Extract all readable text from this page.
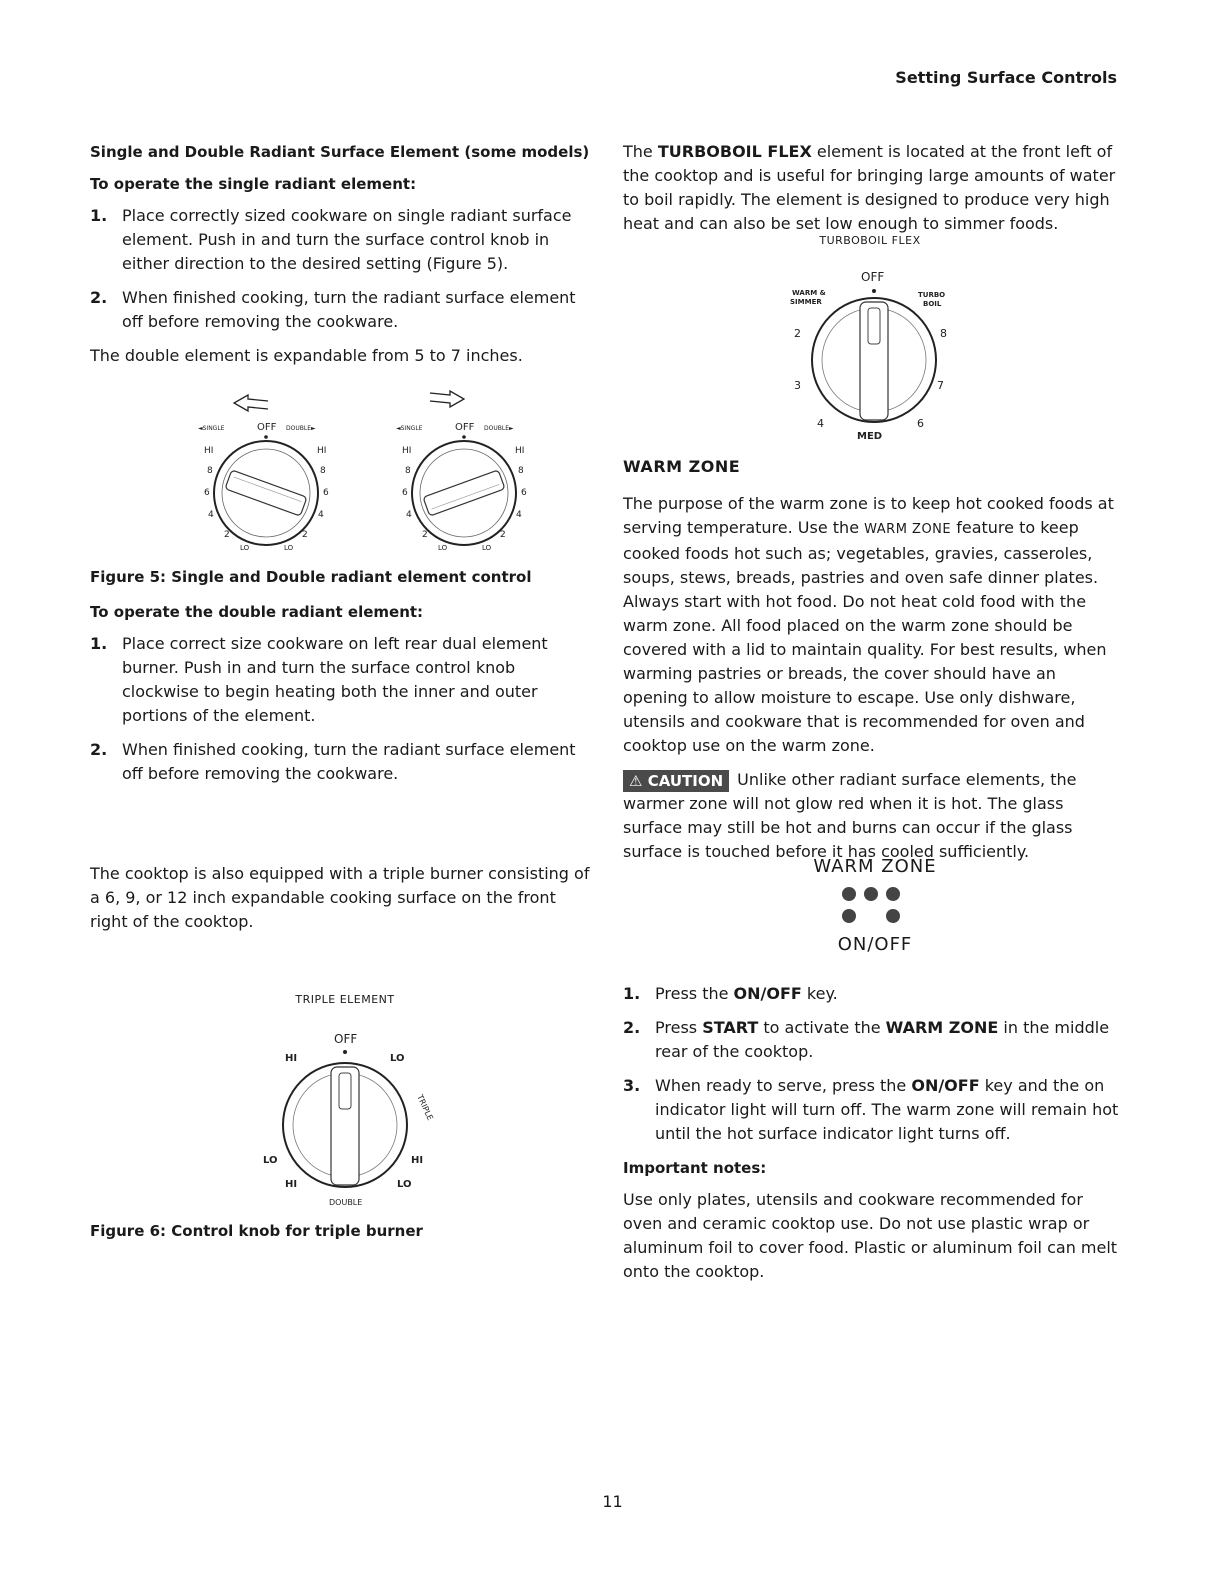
Setting Surface Controls
Single and Double Radiant Surface Element (some models)
To operate the single radiant element:
1. Place correctly sized cookware on single radiant surface element. Push in and turn the surface control knob in either direction to the desired setting (Figure 5).
2. When finished cooking, turn the radiant surface element off before removing the cookware.

The double element is expandable from 5 to 7 inches.

◄SINGLE	OFF DOUBLE►
HI	HI
8	8
6	6
4	4
2	2
LO	LO
◄SINGLE	OFF DOUBLE►
HI	HI
8	8
6	6
4	4
2	2
LO	LO
Figure 5: Single and Double radiant element control
To operate the double radiant element:
1. Place correct size cookware on left rear dual element burner. Push in and turn the surface control knob clockwise to begin heating both the inner and outer portions of the element.
2. When finished cooking, turn the radiant surface element off before removing the cookware.

The cooktop is also equipped with a triple burner consisting of a 6, 9, or 12 inch expandable cooking surface on the front right of the cooktop.

TRIPLE ELEMENT
OFF
HI	LO
TRIPLE
LO	HI
HI	LO
DOUBLE
Figure 6: Control knob for triple burner

The TURBOBOIL FLEX element is located at the front left of the cooktop and is useful for bringing large amounts of water to boil rapidly. The element is designed to produce very high heat and can also be set low enough to simmer foods.

TURBOBOIL FLEX
OFF
WARM &
SIMMER
TURBO
BOIL
2
3
4
MED
6
7
8
WARM ZONE

The purpose of the warm zone is to keep hot cooked foods at serving temperature. Use the WARM ZONE feature to keep cooked foods hot such as; vegetables, gravies, casseroles, soups, stews, breads, pastries and oven safe dinner plates.

Always start with hot food. Do not heat cold food with the warm zone. All food placed on the warm zone should be covered with a lid to maintain quality. For best results, when warming pastries or breads, the cover should have an opening to allow moisture to escape. Use only dishware, utensils and cookware that is recommended for oven and cooktop use on the warm zone.

⚠ CAUTION Unlike other radiant surface elements, the warmer zone will not glow red when it is hot. The glass surface may still be hot and burns can occur if the glass surface is touched before it has cooled sufficiently.

WARM ZONE
ON/OFF
1. Press the ON/OFF key.
2. Press START to activate the WARM ZONE in the middle rear of the cooktop.
3. When ready to serve, press the ON/OFF key and the on indicator light will turn off. The warm zone will remain hot until the hot surface indicator light turns off.
Important notes:

Use only plates, utensils and cookware recommended for oven and ceramic cooktop use. Do not use plastic wrap or aluminum foil to cover food. Plastic or aluminum foil can melt onto the cooktop.

11
